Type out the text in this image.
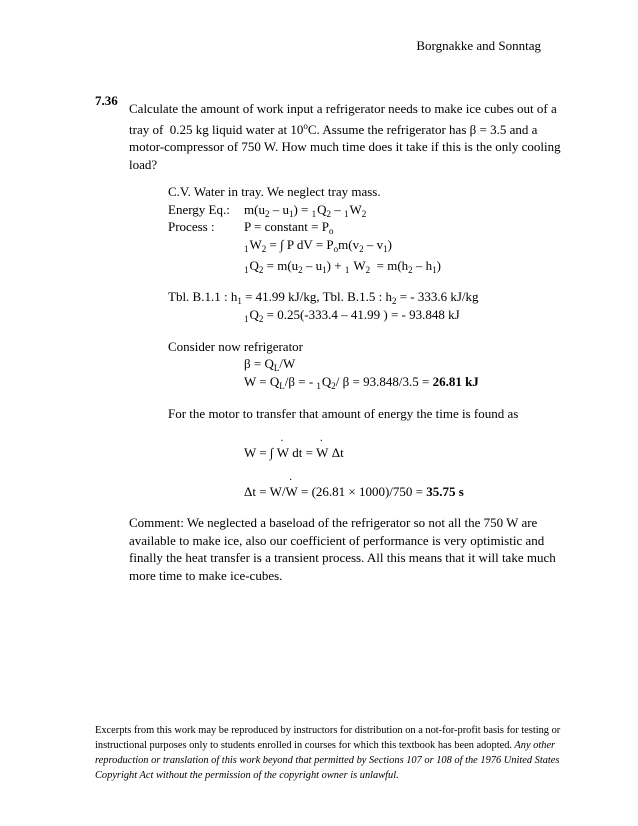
Borgnakke and Sonntag
7.36
Calculate the amount of work input a refrigerator needs to make ice cubes out of a tray of  0.25 kg liquid water at 10$^o$C. Assume the refrigerator has β = 3.5 and a motor-compressor of 750 W. How much time does it take if this is the only cooling load?
C.V. Water in tray. We neglect tray mass.
Energy Eq.: $m(u_2 - u_1) = _1Q_2 - _1W_2$
Process : P = constant = $P_o$
$_1W_2$ = ∫ P dV = $P_om(v_2 - v_1)$
$_1Q_2 = m(u_2 - u_1) + _1$ $W_2 = m(h_2 - h_1)$
Tbl. B.1.1 : $h_1 = 41.99$ kJ/kg, Tbl. B.1.5 : $h_2$ = - 333.6 kJ/kg
$_1Q_2 = 0.25(-333.4 - 41.99$ ) = - 93.848 kJ
Consider now refrigerator
$\beta = Q_L/W$
$W = Q_L/\beta$ = - $_1Q_2/$ β = 93.848/3.5 = 26.81 kJ
For the motor to transfer that amount of energy the time is found as
W = ∫ ˙ W dt = ˙ W Δt
Δt = W/˙ W = (26.81 × 1000)/750 = 35.75 s
Comment: We neglected a baseload of the refrigerator so not all the 750 W are available to make ice, also our coefficient of performance is very optimistic and finally the heat transfer is a transient process. All this means that it will take much more time to make ice-cubes.
Excerpts from this work may be reproduced by instructors for distribution on a not-for-profit basis for testing or instructional purposes only to students enrolled in courses for which this textbook has been adopted. Any other reproduction or translation of this work beyond that permitted by Sections 107 or 108 of the 1976 United States Copyright Act without the permission of the copyright owner is unlawful.
